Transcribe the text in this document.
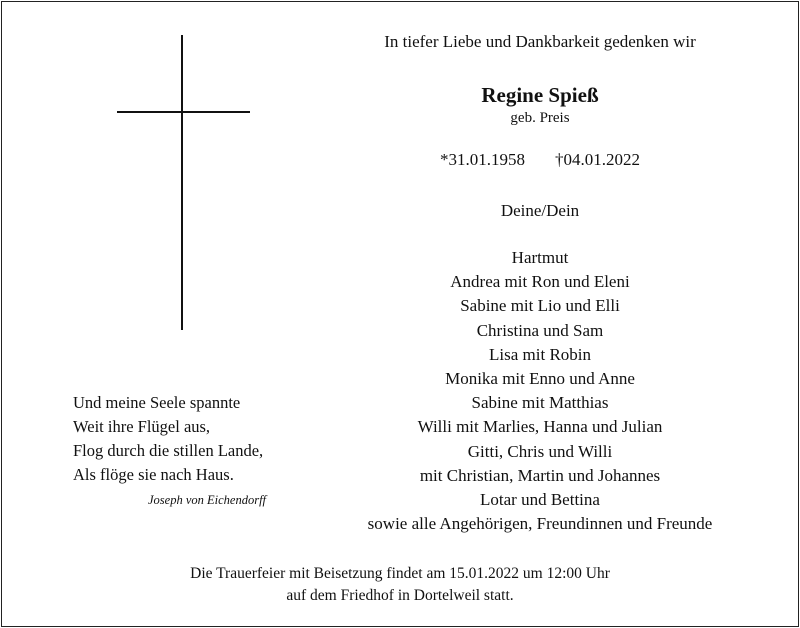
In tiefer Liebe und Dankbarkeit gedenken wir
Regine Spieß
geb. Preis
*31.01.1958 †04.01.2022
Deine/Dein
Hartmut
Andrea mit Ron und Eleni
Sabine mit Lio und Elli
Christina und Sam
Lisa mit Robin
Monika mit Enno und Anne
Sabine mit Matthias
Willi mit Marlies, Hanna und Julian
Gitti, Chris und Willi
mit Christian, Martin und Johannes
Lotar und Bettina
sowie alle Angehörigen, Freundinnen und Freunde
Und meine Seele spannte
Weit ihre Flügel aus,
Flog durch die stillen Lande,
Als flöge sie nach Haus.
Joseph von Eichendorff
Die Trauerfeier mit Beisetzung findet am 15.01.2022 um 12:00 Uhr
auf dem Friedhof in Dortelweil statt.
